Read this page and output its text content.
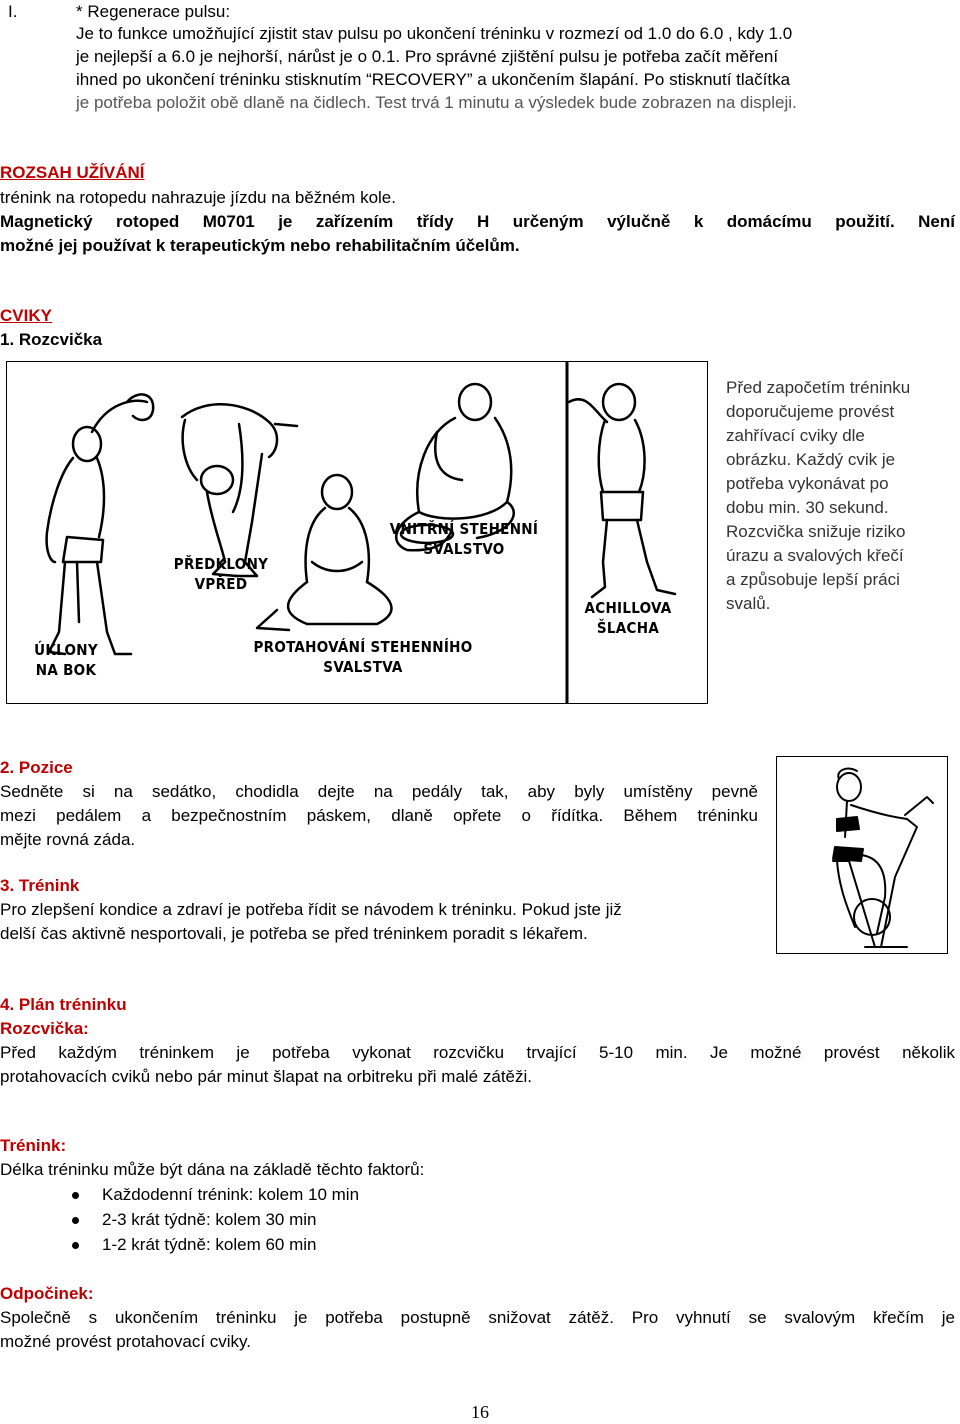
I.	* Regenerace pulsu:
Je to funkce umožňující zjistit stav pulsu po ukončení tréninku v rozmezí od 1.0 do 6.0 , kdy 1.0
je nejlepší a 6.0 je nejhorší, nárůst je o 0.1. Pro správné zjištění pulsu je potřeba začít měření
ihned po ukončení tréninku stisknutím “RECOVERY” a ukončením šlapání. Po stisknutí tlačítka
je potřeba položit obě dlaně na čidlech. Test trvá 1 minutu a výsledek bude zobrazen na displeji.
ROZSAH UŽÍVÁNÍ
trénink na rotopedu nahrazuje jízdu na běžném kole.
Magnetický rotoped M0701 je zařízením třídy H určeným výlučně k domácímu použití. Není
možné jej používat k terapeutickým nebo rehabilitačním účelům.
CVIKY
1. Rozcvička
ÚKLONY
NA BOK
PŘEDKLONY
VPŘED
PROTAHOVÁNÍ STEHENNÍHO
SVALSTVA
VNITŘNÍ STEHENNÍ
SVALSTVO
ACHILLOVA
ŠLACHA
Před započetím tréninku
doporučujeme provést
zahřívací cviky dle
obrázku. Každý cvik je
potřeba vykonávat po
dobu min. 30 sekund.
Rozcvička snižuje riziko
úrazu a svalových křečí
a způsobuje lepší práci
svalů.
2. Pozice
Sedněte si na sedátko, chodidla dejte na pedály tak, aby byly umístěny pevně
mezi pedálem a bezpečnostním páskem, dlaně opřete o řídítka. Během tréninku
mějte rovná záda.
3. Trénink
Pro zlepšení kondice a zdraví je potřeba řídit se návodem k tréninku. Pokud jste již
delší čas aktivně nesportovali, je potřeba se před tréninkem poradit s lékařem.
4. Plán tréninku
Rozcvička:
Před každým tréninkem je potřeba vykonat rozcvičku trvající 5-10 min. Je možné provést několik
protahovacích cviků nebo pár minut šlapat na orbitreku při malé zátěži.
Trénink:
Délka tréninku může být dána na základě těchto faktorů:
Každodenní trénink: kolem 10 min
2-3 krát týdně: kolem 30 min
1-2 krát týdně: kolem 60 min
Odpočinek:
Společně s ukončením tréninku je potřeba postupně snižovat zátěž. Pro vyhnutí se svalovým křečím je
možné provést protahovací cviky.
16
